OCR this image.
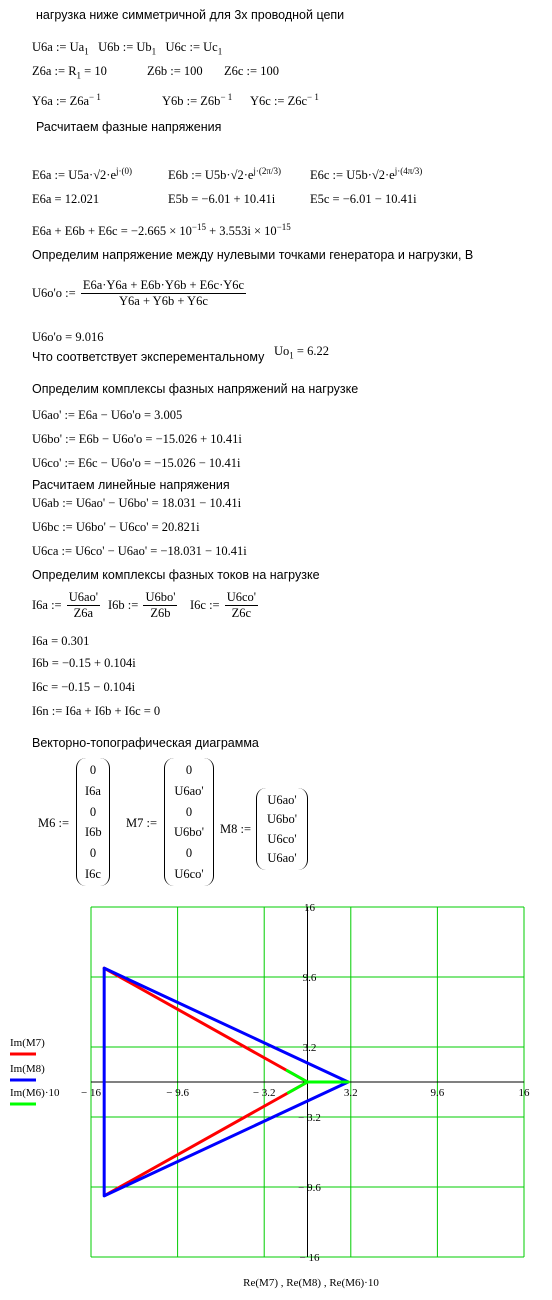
нагрузка ниже симметричной для 3х проводной цепи
U6a := $Ua_1$ U6b := $Ub_1$ U6c := $Uc_1$
Z6a := $R_1 = 10$	Z6b := 100 Z6c := 100
Y6a := $Z6a^{- 1}$	Y6b := $Z6b^{- 1}$ Y6c := $Z6c^{- 1}$
Расчитаем фазные напряжения
E6a := $U5a\cdot√2\cdot e^{j\cdot(0)}$	E6b := $U5b\cdot√2\cdot e^{j\cdot(2\pi/3)}$ E6c := $U5b\cdot√2\cdot e^{j\cdot(4\pi/3)}$
E6a = 12.021	E5b = −6.01 + 10.41i	E5c = −6.01 − 10.41i
$E6a + E6b + E6c = -2.665 \times 10^{-15} + 3.553i \times 10^{-15}$
Определим напряжение между нулевыми точками генератора и нагрузки, В
U6o'o := $\frac{E6a\cdot Y6a + E6b\cdot Y6b + E6c\cdot Y6c}{Y6a + Y6b + Y6c}$
U6o'o = 9.016
Что соответствует эксперементальному $Uo_1 = 6.22$
Определим комплексы фазных напряжений на нагрузке
U6ao' := E6a − U6o'o = 3.005
U6bo' := E6b − U6o'o = −15.026 + 10.41i
U6co' := E6c − U6o'o = −15.026 − 10.41i
Расчитаем линейные напряжения
U6ab := U6ao' − U6bo' = 18.031 − 10.41i
U6bc := U6bo' − U6co' = 20.821i
U6ca := U6co' − U6ao' = −18.031 − 10.41i
Определим комплексы фазных токов на нагрузке
I6a := $\frac{U6ao'}{Z6a} I6b$ := $\frac{U6bo'}{Z6b} I6c$ := $\frac{U6co'}{Z6c}$
I6a = 0.301
I6b = −0.15 + 0.104i
I6c = −0.15 − 0.104i
I6n := I6a + I6b + I6c = 0
Векторно-топографическая диаграмма
M6 :=
0
I6a
0
I6b
0
I6c
M7 :=
0
U6ao'
0
U6bo'
0
U6co'
M8 :=
U6ao'
U6bo'
U6co'
U6ao'
− 16	− 9.6	− 3.2	3.2	9.6	16
16
9.6
3.2
− 3.2
− 9.6
− 16
Im(M7)
Im(M8)
Im(M6)·10
Re(M7) , Re(M8) , Re(M6)·10
